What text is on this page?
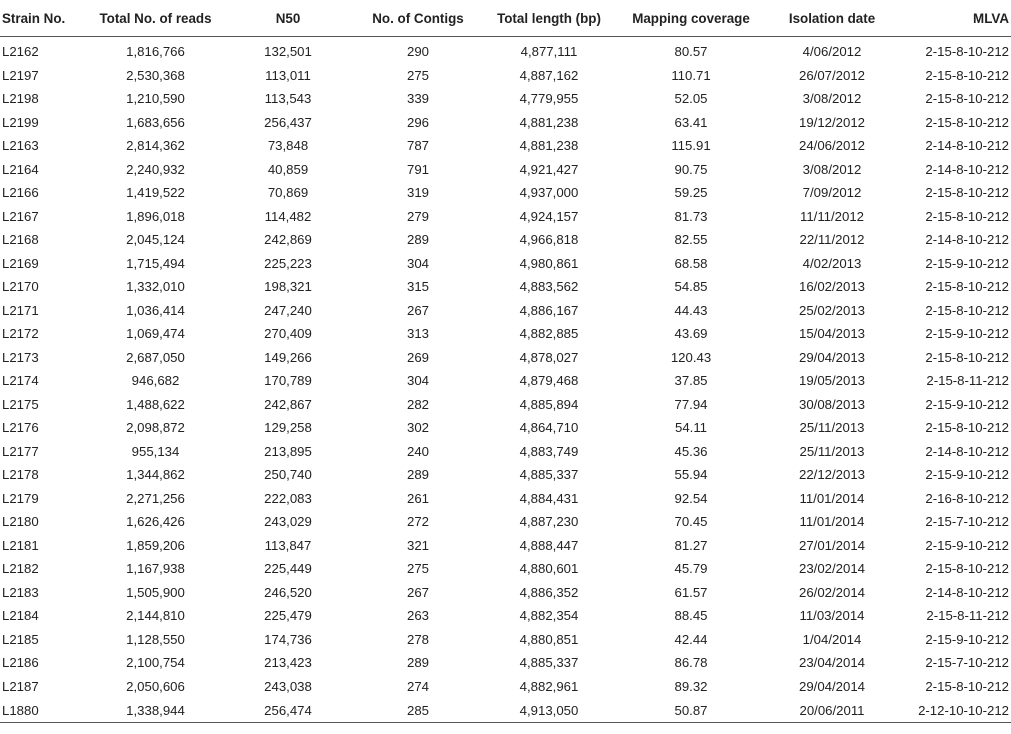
Strain No.	Total No. of reads	N50	No. of Contigs	Total length (bp)	Mapping coverage	Isolation date	MLVA
L2162	1,816,766	132,501	290	4,877,111	80.57	4/06/2012	2-15-8-10-212
L2197	2,530,368	113,011	275	4,887,162	110.71	26/07/2012	2-15-8-10-212
L2198	1,210,590	113,543	339	4,779,955	52.05	3/08/2012	2-15-8-10-212
L2199	1,683,656	256,437	296	4,881,238	63.41	19/12/2012	2-15-8-10-212
L2163	2,814,362	73,848	787	4,881,238	115.91	24/06/2012	2-14-8-10-212
L2164	2,240,932	40,859	791	4,921,427	90.75	3/08/2012	2-14-8-10-212
L2166	1,419,522	70,869	319	4,937,000	59.25	7/09/2012	2-15-8-10-212
L2167	1,896,018	114,482	279	4,924,157	81.73	11/11/2012	2-15-8-10-212
L2168	2,045,124	242,869	289	4,966,818	82.55	22/11/2012	2-14-8-10-212
L2169	1,715,494	225,223	304	4,980,861	68.58	4/02/2013	2-15-9-10-212
L2170	1,332,010	198,321	315	4,883,562	54.85	16/02/2013	2-15-8-10-212
L2171	1,036,414	247,240	267	4,886,167	44.43	25/02/2013	2-15-8-10-212
L2172	1,069,474	270,409	313	4,882,885	43.69	15/04/2013	2-15-9-10-212
L2173	2,687,050	149,266	269	4,878,027	120.43	29/04/2013	2-15-8-10-212
L2174	946,682	170,789	304	4,879,468	37.85	19/05/2013	2-15-8-11-212
L2175	1,488,622	242,867	282	4,885,894	77.94	30/08/2013	2-15-9-10-212
L2176	2,098,872	129,258	302	4,864,710	54.11	25/11/2013	2-15-8-10-212
L2177	955,134	213,895	240	4,883,749	45.36	25/11/2013	2-14-8-10-212
L2178	1,344,862	250,740	289	4,885,337	55.94	22/12/2013	2-15-9-10-212
L2179	2,271,256	222,083	261	4,884,431	92.54	11/01/2014	2-16-8-10-212
L2180	1,626,426	243,029	272	4,887,230	70.45	11/01/2014	2-15-7-10-212
L2181	1,859,206	113,847	321	4,888,447	81.27	27/01/2014	2-15-9-10-212
L2182	1,167,938	225,449	275	4,880,601	45.79	23/02/2014	2-15-8-10-212
L2183	1,505,900	246,520	267	4,886,352	61.57	26/02/2014	2-14-8-10-212
L2184	2,144,810	225,479	263	4,882,354	88.45	11/03/2014	2-15-8-11-212
L2185	1,128,550	174,736	278	4,880,851	42.44	1/04/2014	2-15-9-10-212
L2186	2,100,754	213,423	289	4,885,337	86.78	23/04/2014	2-15-7-10-212
L2187	2,050,606	243,038	274	4,882,961	89.32	29/04/2014	2-15-8-10-212
L1880	1,338,944	256,474	285	4,913,050	50.87	20/06/2011	2-12-10-10-212
